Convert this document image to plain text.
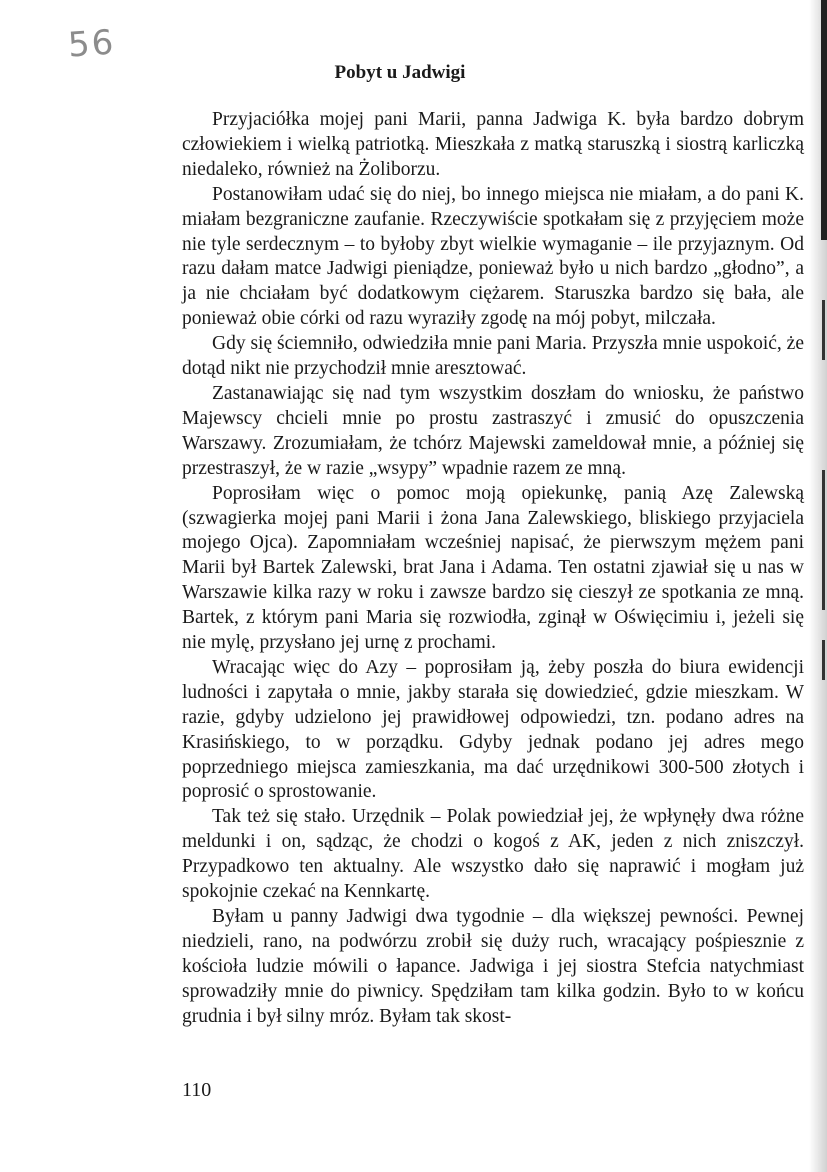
56
Pobyt u Jadwigi

Przyjaciółka mojej pani Marii, panna Jadwiga K. była bardzo dobrym człowiekiem i wielką patriotką. Mieszkała z matką staruszką i siostrą karliczką niedaleko, również na Żoliborzu.

Postanowiłam udać się do niej, bo innego miejsca nie miałam, a do pani K. miałam bezgraniczne zaufanie. Rzeczywiście spotkałam się z przyjęciem może nie tyle serdecznym – to byłoby zbyt wielkie wymaganie – ile przyjaznym. Od razu dałam matce Jadwigi pieniądze, ponieważ było u nich bardzo „głodno”, a ja nie chciałam być dodatkowym ciężarem. Staruszka bardzo się bała, ale ponieważ obie córki od razu wyraziły zgodę na mój pobyt, milczała.

Gdy się ściemniło, odwiedziła mnie pani Maria. Przyszła mnie uspokoić, że dotąd nikt nie przychodził mnie aresztować.

Zastanawiając się nad tym wszystkim doszłam do wniosku, że państwo Majewscy chcieli mnie po prostu zastraszyć i zmusić do opuszczenia Warszawy. Zrozumiałam, że tchórz Majewski zameldował mnie, a później się przestraszył, że w razie „wsypy” wpadnie razem ze mną.

Poprosiłam więc o pomoc moją opiekunkę, panią Azę Zalewską (szwagierka mojej pani Marii i żona Jana Zalewskiego, bliskiego przyjaciela mojego Ojca). Zapomniałam wcześniej napisać, że pierwszym mężem pani Marii był Bartek Zalewski, brat Jana i Adama. Ten ostatni zjawiał się u nas w Warszawie kilka razy w roku i zawsze bardzo się cieszył ze spotkania ze mną. Bartek, z którym pani Maria się rozwiodła, zginął w Oświęcimiu i, jeżeli się nie mylę, przysłano jej urnę z prochami.

Wracając więc do Azy – poprosiłam ją, żeby poszła do biura ewidencji ludności i zapytała o mnie, jakby starała się dowiedzieć, gdzie mieszkam. W razie, gdyby udzielono jej prawidłowej odpowiedzi, tzn. podano adres na Krasińskiego, to w porządku. Gdyby jednak podano jej adres mego poprzedniego miejsca zamieszkania, ma dać urzędnikowi 300-500 złotych i poprosić o sprostowanie.

Tak też się stało. Urzędnik – Polak powiedział jej, że wpłynęły dwa różne meldunki i on, sądząc, że chodzi o kogoś z AK, jeden z nich zniszczył. Przypadkowo ten aktualny. Ale wszystko dało się naprawić i mogłam już spokojnie czekać na Kennkartę.

Byłam u panny Jadwigi dwa tygodnie – dla większej pewności. Pewnej niedzieli, rano, na podwórzu zrobił się duży ruch, wracający pośpiesznie z kościoła ludzie mówili o łapance. Jadwiga i jej siostra Stefcia natychmiast sprowadziły mnie do piwnicy. Spędziłam tam kilka godzin. Było to w końcu grudnia i był silny mróz. Byłam tak skost-

110
